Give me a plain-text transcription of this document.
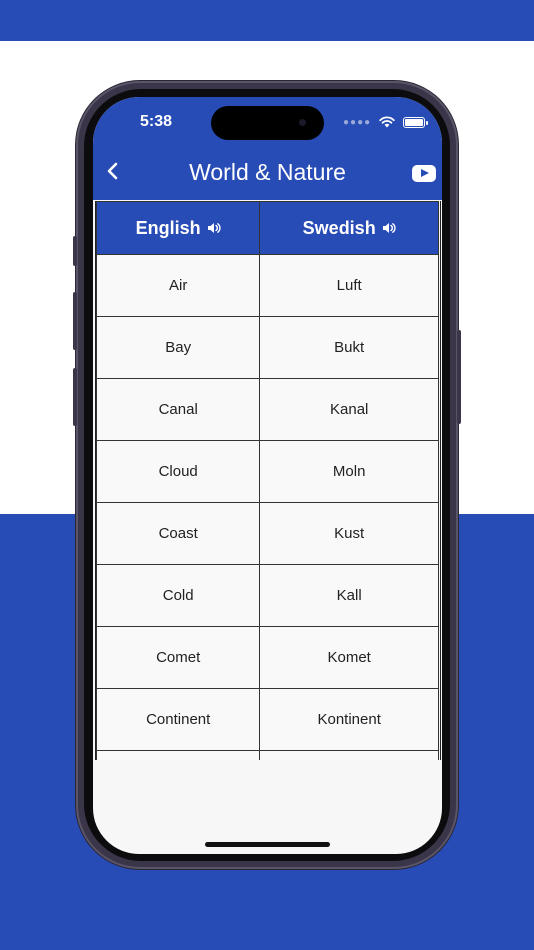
5:38	●●●●
World & Nature
English	Swedish

Air	Luft
Bay	Bukt
Canal	Kanal
Cloud	Moln
Coast	Kust
Cold	Kall
Comet	Komet
Continent	Kontinent
